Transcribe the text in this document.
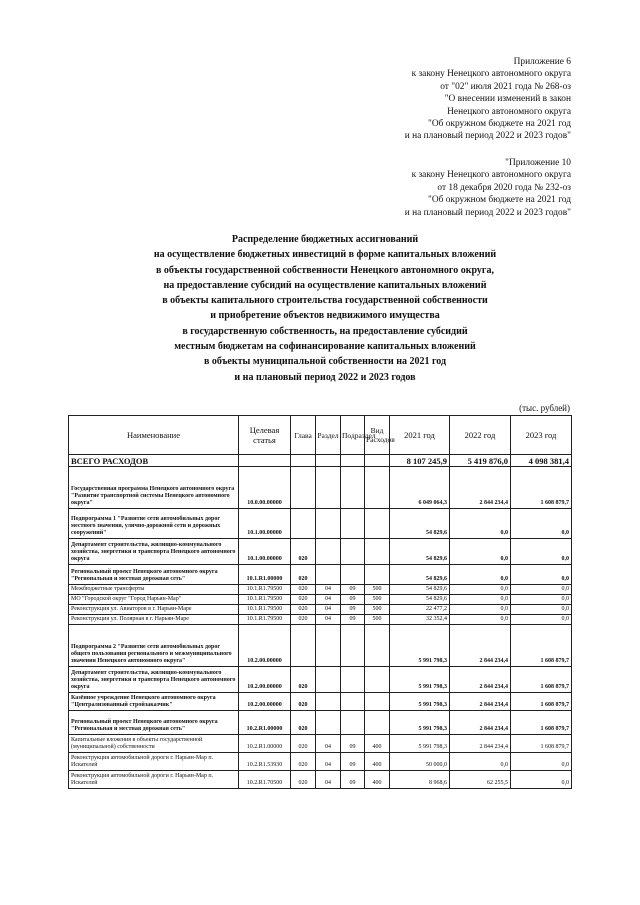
Приложение 6
к закону Ненецкого автономного округа
от "02" июля 2021 года № 268-оз
"О внесении изменений в закон
Ненецкого автономного округа
"Об окружном бюджете на 2021 год
и на плановый период 2022 и 2023 годов"
"Приложение 10
к закону Ненецкого автономного округа
от 18 декабря 2020 года № 232-оз
"Об окружном бюджете на 2021 год
и на плановый период 2022 и 2023 годов"
Распределение бюджетных ассигнований
на осуществление бюджетных инвестиций в форме капитальных вложений
в объекты государственной собственности Ненецкого автономного округа,
на предоставление субсидий на осуществление капитальных вложений
в объекты капитального строительства государственной собственности
и приобретение объектов недвижимого имущества
в государственную собственность, на предоставление субсидий
местным бюджетам на софинансирование капитальных вложений
в объекты муниципальной собственности на 2021 год
и на плановый период 2022 и 2023 годов
(тыс. рублей)
Наименование	Целевая статья	Глава	Раздел	Подраздел	Вид Расходов	2021 год	2022 год	2023 год
ВСЕГО РАСХОДОВ						8 107 245,9	5 419 876,0	4 098 381,4
Государственная программа Ненецкого автономного округа "Развитие транспортной системы Ненецкого автономного округа"	10.0.00.00000					6 049 064,3	2 844 234,4	1 608 879,7
Подпрограмма 1 "Развитие сети автомобильных дорог местного значения, улично-дорожной сети и дорожных сооружений"	10.1.00.00000					54 829,6	0,0	0,0
Департамент строительства, жилищно-коммунального хозяйства, энергетики и транспорта Ненецкого автономного округа	10.1.00.00000	020				54 829,6	0,0	0,0
Региональный проект Ненецкого автономного округа "Региональная и местная дорожная сеть"	10.1.R1.00000	020				54 829,6	0,0	0,0
Межбюджетные трансферты	10.1.R1.79500	020	04	09	500	54 829,6	0,0	0,0
МО "Городской округ "Город Нарьян-Мар"	10.1.R1.79500	020	04	09	500	54 829,6	0,0	0,0
Реконструкция ул. Авиаторов в г. Нарьян-Маре	10.1.R1.79500	020	04	09	500	22 477,2	0,0	0,0
Реконструкция ул. Полярная в г. Нарьян-Маре	10.1.R1.79500	020	04	09	500	32 352,4	0,0	0,0
Подпрограмма 2 "Развитие сети автомобильных дорог общего пользования регионального и межмуниципального значения Ненецкого автономного округа"	10.2.00.00000					5 991 798,3	2 844 234,4	1 608 879,7
Департамент строительства, жилищно-коммунального хозяйства, энергетики и транспорта Ненецкого автономного округа	10.2.00.00000	020				5 991 798,3	2 844 234,4	1 608 879,7
Казённое учреждение Ненецкого автономного округа "Централизованный стройзаказчик"	10.2.00.00000	020				5 991 798,3	2 844 234,4	1 608 879,7
Региональный проект Ненецкого автономного округа "Региональная и местная дорожная сеть"	10.2.R1.00000	020				5 991 798,3	2 844 234,4	1 608 879,7
Капитальные вложения в объекты государственной (муниципальной) собственности	10.2.R1.00000	020	04	09	400	5 991 798,3	2 844 234,4	1 608 879,7
Реконструкция автомобильной дороги г. Нарьян-Мар п. Искателей	10.2.R1.53930	020	04	09	400	50 000,0	0,0	0,0
Реконструкция автомобильной дороги г. Нарьян-Мар п. Искателей	10.2.R1.70500	020	04	09	400	8 968,6	62 255,5	0,0
